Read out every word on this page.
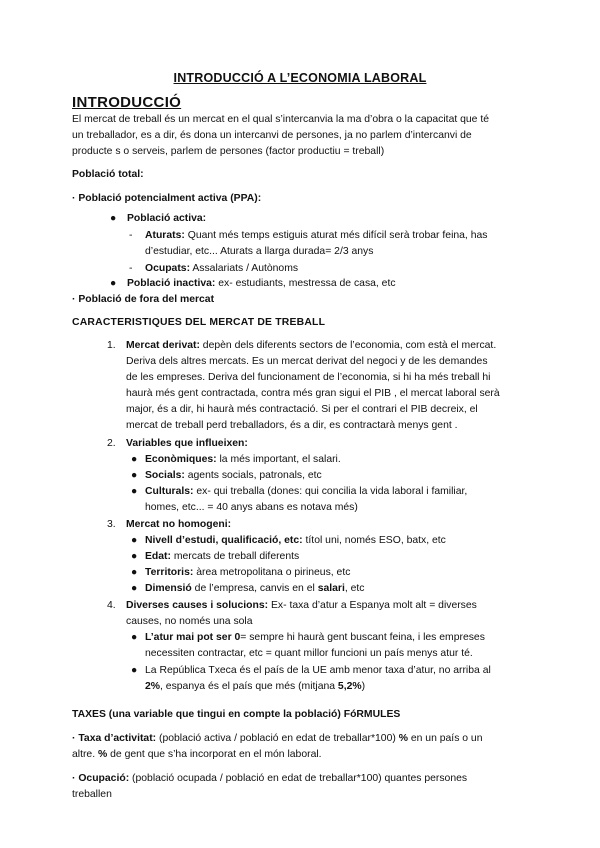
INTRODUCCIÓ A L’ECONOMIA LABORAL
INTRODUCCIÓ
El mercat de treball és un mercat en el qual s’intercanvia la ma d’obra o la capacitat que té
un treballador, es a dir, és dona un intercanvi de persones, ja no parlem d’intercanvi de
producte s o serveis, parlem de persones (factor productiu = treball)
Població total:
· Població potencialment activa (PPA):
● Població activa:
- Aturats: Quant més temps estiguis aturat més difícil serà trobar feina, has
d’estudiar, etc... Aturats a llarga durada= 2/3 anys
- Ocupats: Assalariats / Autònoms
● Població inactiva: ex- estudiants, mestressa de casa, etc
· Població de fora del mercat
CARACTERISTIQUES DEL MERCAT DE TREBALL
1. Mercat derivat: depèn dels diferents sectors de l’economia, com està el mercat.
Deriva dels altres mercats. Es un mercat derivat del negoci y de les demandes
de les empreses. Deriva del funcionament de l’economia, si hi ha més treball hi
haurà més gent contractada, contra més gran sigui el PIB , el mercat laboral serà
major, és a dir, hi haurà més contractació. Si per el contrari el PIB decreix, el
mercat de treball perd treballadors, és a dir, es contractarà menys gent .
2. Variables que influeixen:
● Econòmiques: la més important, el salari.
● Socials: agents socials, patronals, etc
● Culturals: ex- qui treballa (dones: qui concilia la vida laboral i familiar,
homes, etc... = 40 anys abans es notava més)
3. Mercat no homogeni:
● Nivell d’estudi, qualificació, etc: títol uni, només ESO, batx, etc
● Edat: mercats de treball diferents
● Territoris: àrea metropolitana o pirineus, etc
● Dimensió de l’empresa, canvis en el salari, etc
4. Diverses causes i solucions: Ex- taxa d’atur a Espanya molt alt = diverses
causes, no només una sola
● L’atur mai pot ser 0= sempre hi haurà gent buscant feina, i les empreses
necessiten contractar, etc = quant millor funcioni un país menys atur té.
● La República Txeca és el país de la UE amb menor taxa d’atur, no arriba al
2%, espanya és el país que més (mitjana 5,2%)
TAXES (una variable que tingui en compte la població) FóRMULES
· Taxa d’activitat: (població activa / població en edat de treballar*100) % en un país o un
altre. % de gent que s’ha incorporat en el món laboral.
· Ocupació: (població ocupada / població en edat de treballar*100) quantes persones
treballen
